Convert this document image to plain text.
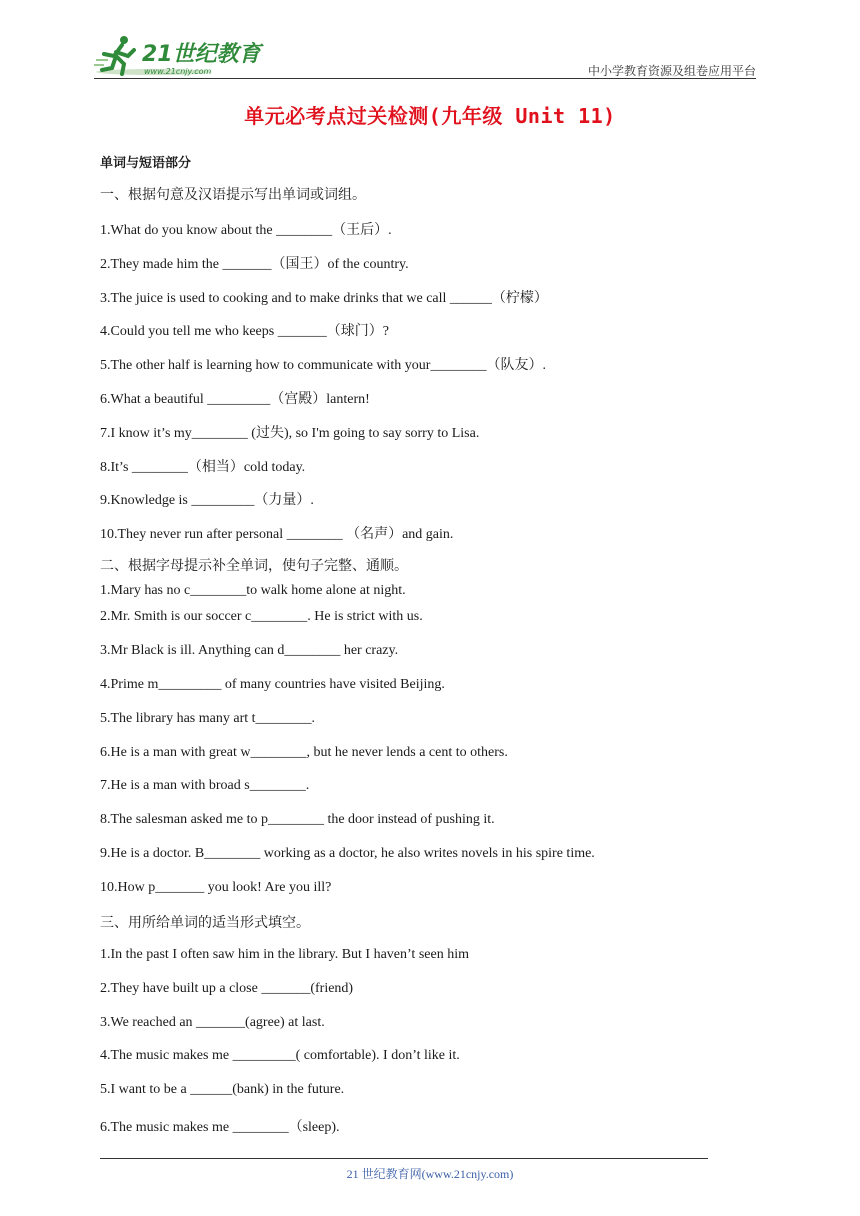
21世纪教育
www.21cnjy.com	中小学教育资源及组卷应用平台
单元必考点过关检测(九年级 Unit 11)
单词与短语部分
一、根据句意及汉语提示写出单词或词组。
1.What do you know about the ________（王后）.
2.They made him the _______（国王）of the country.
3.The juice is used to cooking and to make drinks that we call ______（柠檬）
4.Could you tell me who keeps _______（球门）?
5.The other half is learning how to communicate with your________（队友）.
6.What a beautiful _________（宫殿）lantern!
7.I know it’s my________ (过失), so I'm going to say sorry to Lisa.
8.It’s ________（相当）cold today.
9.Knowledge is _________（力量）.
10.They never run after personal ________ （名声）and gain.
二、根据字母提示补全单词，使句子完整、通顺。
1.Mary has no c________to walk home alone at night.
2.Mr. Smith is our soccer c________. He is strict with us.
3.Mr Black is ill. Anything can d________ her crazy.
4.Prime m_________ of many countries have visited Beijing.
5.The library has many art t________.
6.He is a man with great w________, but he never lends a cent to others.
7.He is a man with broad s________.
8.The salesman asked me to p________ the door instead of pushing it.
9.He is a doctor. B________ working as a doctor, he also writes novels in his spire time.
10.How p_______ you look! Are you ill?
三、用所给单词的适当形式填空。
1.In the past I often saw him in the library. But I haven’t seen him
2.They have built up a close _______(friend)
3.We reached an _______(agree) at last.
4.The music makes me _________( comfortable). I don’t like it.
5.I want to be a ______(bank) in the future.
6.The music makes me ________（sleep).
21 世纪教育网(www.21cnjy.com)
